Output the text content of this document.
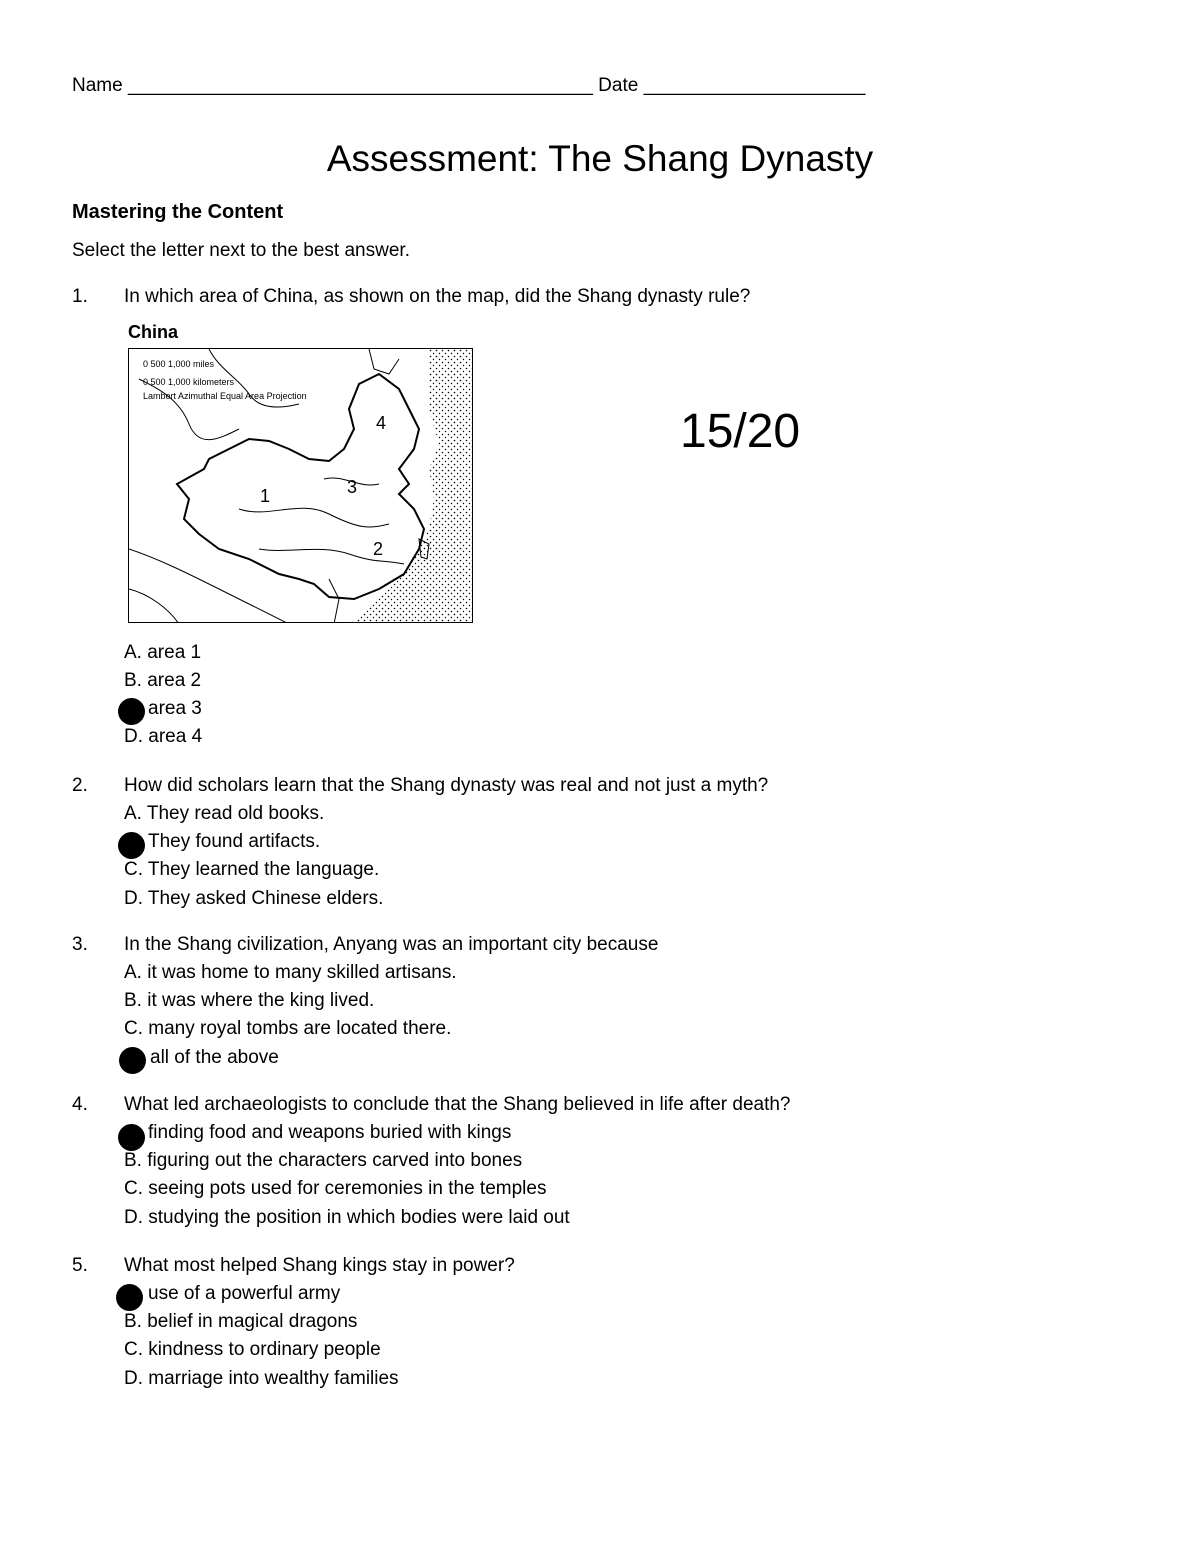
Name ____________________________________________ Date _____________________
Assessment: The Shang Dynasty
Mastering the Content
Select the letter next to the best answer.
1. In which area of China, as shown on the map, did the Shang dynasty rule?
China
0 500 1,000 miles
0 500 1,000 kilometers
Lambert Azimuthal Equal Area Projection
1
2
3
4	15/20
A. area 1
B. area 2
area 3
D. area 4
2. How did scholars learn that the Shang dynasty was real and not just a myth?
A. They read old books.
They found artifacts.
C. They learned the language.
D. They asked Chinese elders.
3. In the Shang civilization, Anyang was an important city because
A. it was home to many skilled artisans.
B. it was where the king lived.
C. many royal tombs are located there.
all of the above
4. What led archaeologists to conclude that the Shang believed in life after death?
finding food and weapons buried with kings
B. figuring out the characters carved into bones
C. seeing pots used for ceremonies in the temples
D. studying the position in which bodies were laid out
5. What most helped Shang kings stay in power?
use of a powerful army
B. belief in magical dragons
C. kindness to ordinary people
D. marriage into wealthy families
